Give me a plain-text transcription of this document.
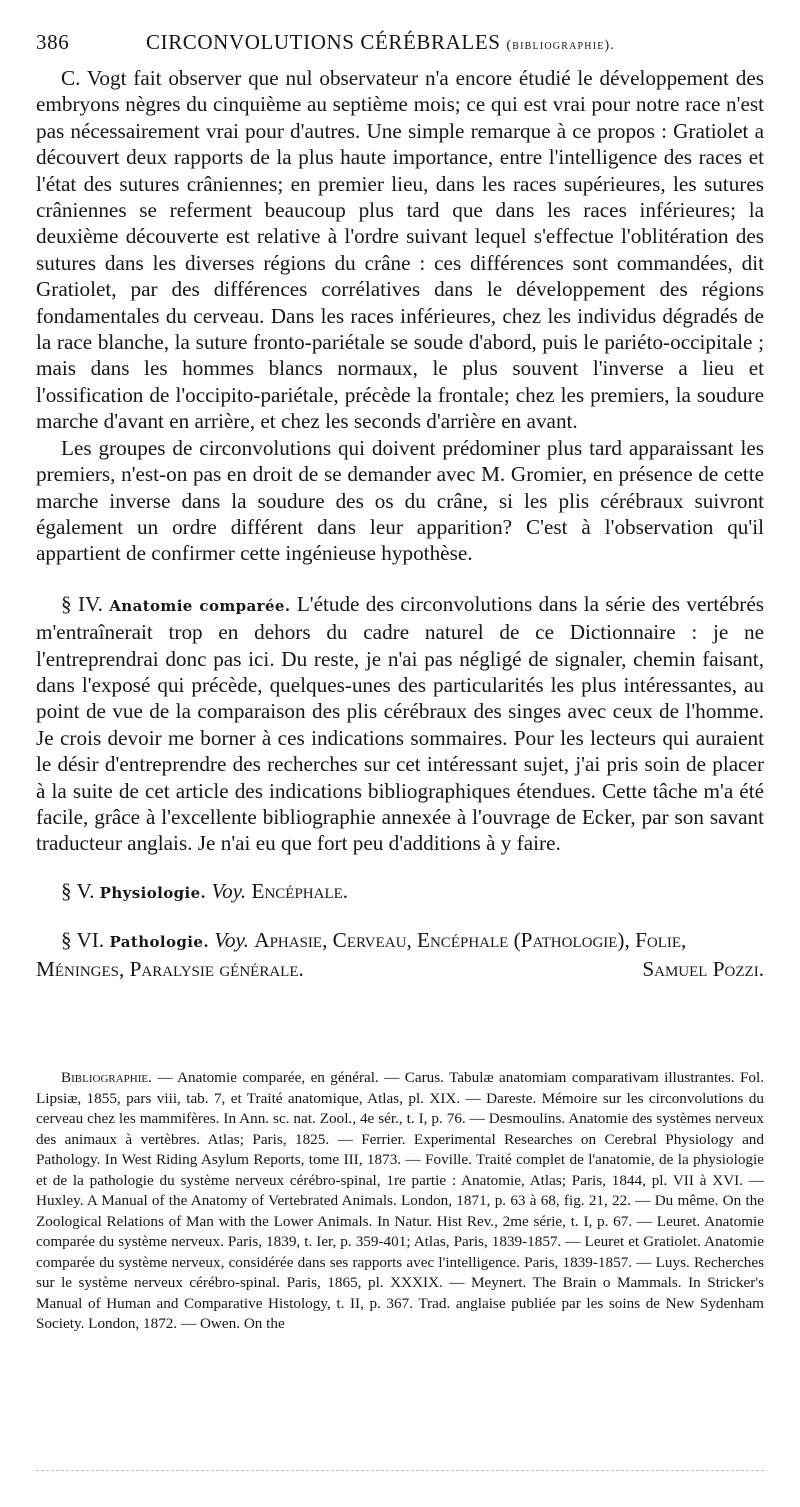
386	CIRCONVOLUTIONS CÉRÉBRALES (bibliographie).

C. Vogt fait observer que nul observateur n'a encore étudié le développement des embryons nègres du cinquième au septième mois; ce qui est vrai pour notre race n'est pas nécessairement vrai pour d'autres. Une simple remarque à ce propos : Gratiolet a découvert deux rapports de la plus haute importance, entre l'intelligence des races et l'état des sutures crâniennes; en premier lieu, dans les races supérieures, les sutures crâniennes se referment beaucoup plus tard que dans les races inférieures; la deuxième découverte est relative à l'ordre suivant lequel s'effectue l'oblitération des sutures dans les diverses régions du crâne : ces différences sont commandées, dit Gratiolet, par des différences corrélatives dans le développement des régions fondamentales du cerveau. Dans les races inférieures, chez les individus dégradés de la race blanche, la suture fronto-pariétale se soude d'abord, puis le pariéto-occipitale ; mais dans les hommes blancs normaux, le plus souvent l'inverse a lieu et l'ossification de l'occipito-pariétale, précède la frontale; chez les premiers, la soudure marche d'avant en arrière, et chez les seconds d'arrière en avant.

Les groupes de circonvolutions qui doivent prédominer plus tard apparaissant les premiers, n'est-on pas en droit de se demander avec M. Gromier, en présence de cette marche inverse dans la soudure des os du crâne, si les plis cérébraux suivront également un ordre différent dans leur apparition? C'est à l'observation qu'il appartient de confirmer cette ingénieuse hypothèse.

§ IV. Anatomie comparée. L'étude des circonvolutions dans la série des vertébrés m'entraînerait trop en dehors du cadre naturel de ce Dictionnaire : je ne l'entreprendrai donc pas ici. Du reste, je n'ai pas négligé de signaler, chemin faisant, dans l'exposé qui précède, quelques-unes des particularités les plus intéressantes, au point de vue de la comparaison des plis cérébraux des singes avec ceux de l'homme. Je crois devoir me borner à ces indications sommaires. Pour les lecteurs qui auraient le désir d'entreprendre des recherches sur cet intéressant sujet, j'ai pris soin de placer à la suite de cet article des indications bibliographiques étendues. Cette tâche m'a été facile, grâce à l'excellente bibliographie annexée à l'ouvrage de Ecker, par son savant traducteur anglais. Je n'ai eu que fort peu d'additions à y faire.

§ V. Physiologie. Voy. Encéphale.

§ VI. Pathologie. Voy. Aphasie, Cerveau, Encéphale (Pathologie), Folie,

Méninges, Paralysie générale.	Samuel Pozzi.

Bibliographie. — Anatomie comparée, en général. — Carus. Tabulæ anatomiam comparativam illustrantes. Fol. Lipsiæ, 1855, pars viii, tab. 7, et Traité anatomique, Atlas, pl. XIX. — Dareste. Mémoire sur les circonvolutions du cerveau chez les mammifères. In Ann. sc. nat. Zool., 4e sér., t. I, p. 76. — Desmoulins. Anatomie des systèmes nerveux des animaux à vertèbres. Atlas; Paris, 1825. — Ferrier. Experimental Researches on Cerebral Physiology and Pathology. In West Riding Asylum Reports, tome III, 1873. — Foville. Traité complet de l'anatomie, de la physiologie et de la pathologie du système nerveux cérébro-spinal, 1re partie : Anatomie, Atlas; Paris, 1844, pl. VII à XVI. — Huxley. A Manual of the Anatomy of Vertebrated Animals. London, 1871, p. 63 à 68, fig. 21, 22. — Du même. On the Zoological Relations of Man with the Lower Animals. In Natur. Hist Rev., 2me série, t. I, p. 67. — Leuret. Anatomie comparée du système nerveux. Paris, 1839, t. Ier, p. 359-401; Atlas, Paris, 1839-1857. — Leuret et Gratiolet. Anatomie comparée du système nerveux, considérée dans ses rapports avec l'intelligence. Paris, 1839-1857. — Luys. Recherches sur le système nerveux cérébro-spinal. Paris, 1865, pl. XXXIX. — Meynert. The Brain o Mammals. In Stricker's Manual of Human and Comparative Histology, t. II, p. 367. Trad. anglaise publiée par les soins de New Sydenham Society. London, 1872. — Owen. On the
